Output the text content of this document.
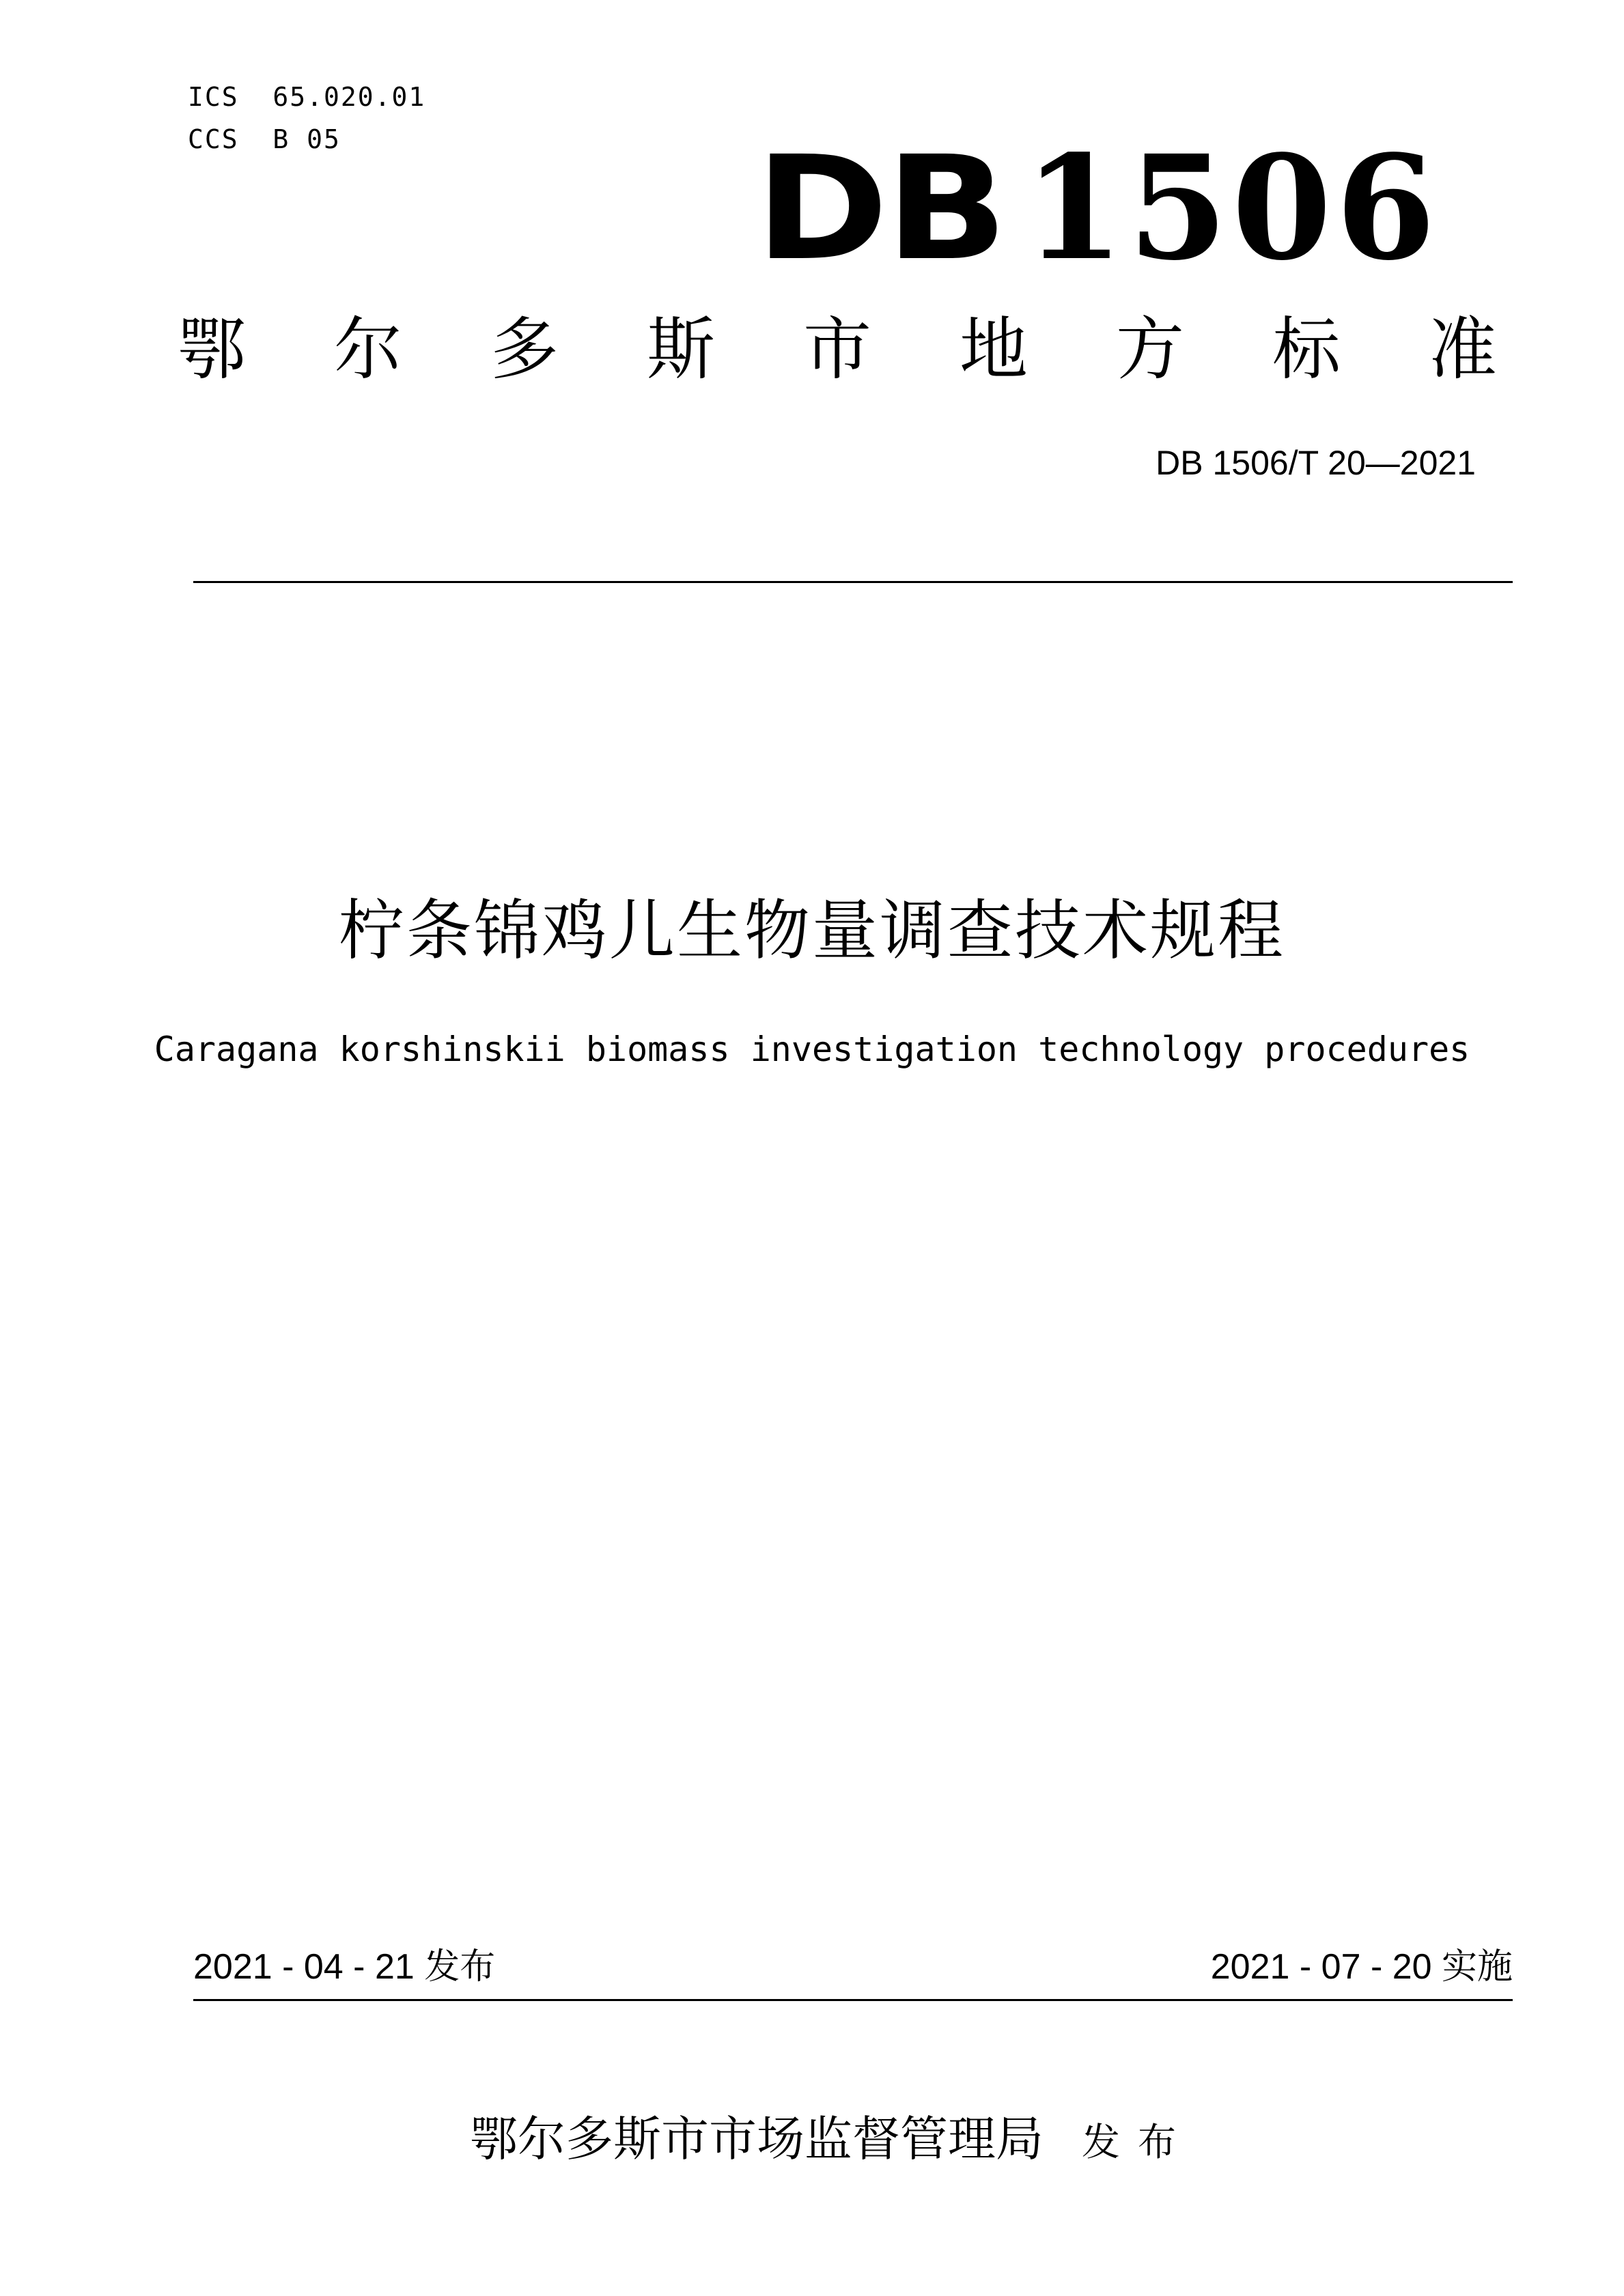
ICS  65.020.01
CCS  B 05	DB 1506
鄂 尔 多 斯 市 地 方 标 准
DB 1506/T 20—2021
柠条锦鸡儿生物量调查技术规程
Caragana korshinskii biomass investigation technology procedures
2021 - 04 - 21 发布	2021 - 07 - 20 实施
鄂尔多斯市市场监督管理局 发布
